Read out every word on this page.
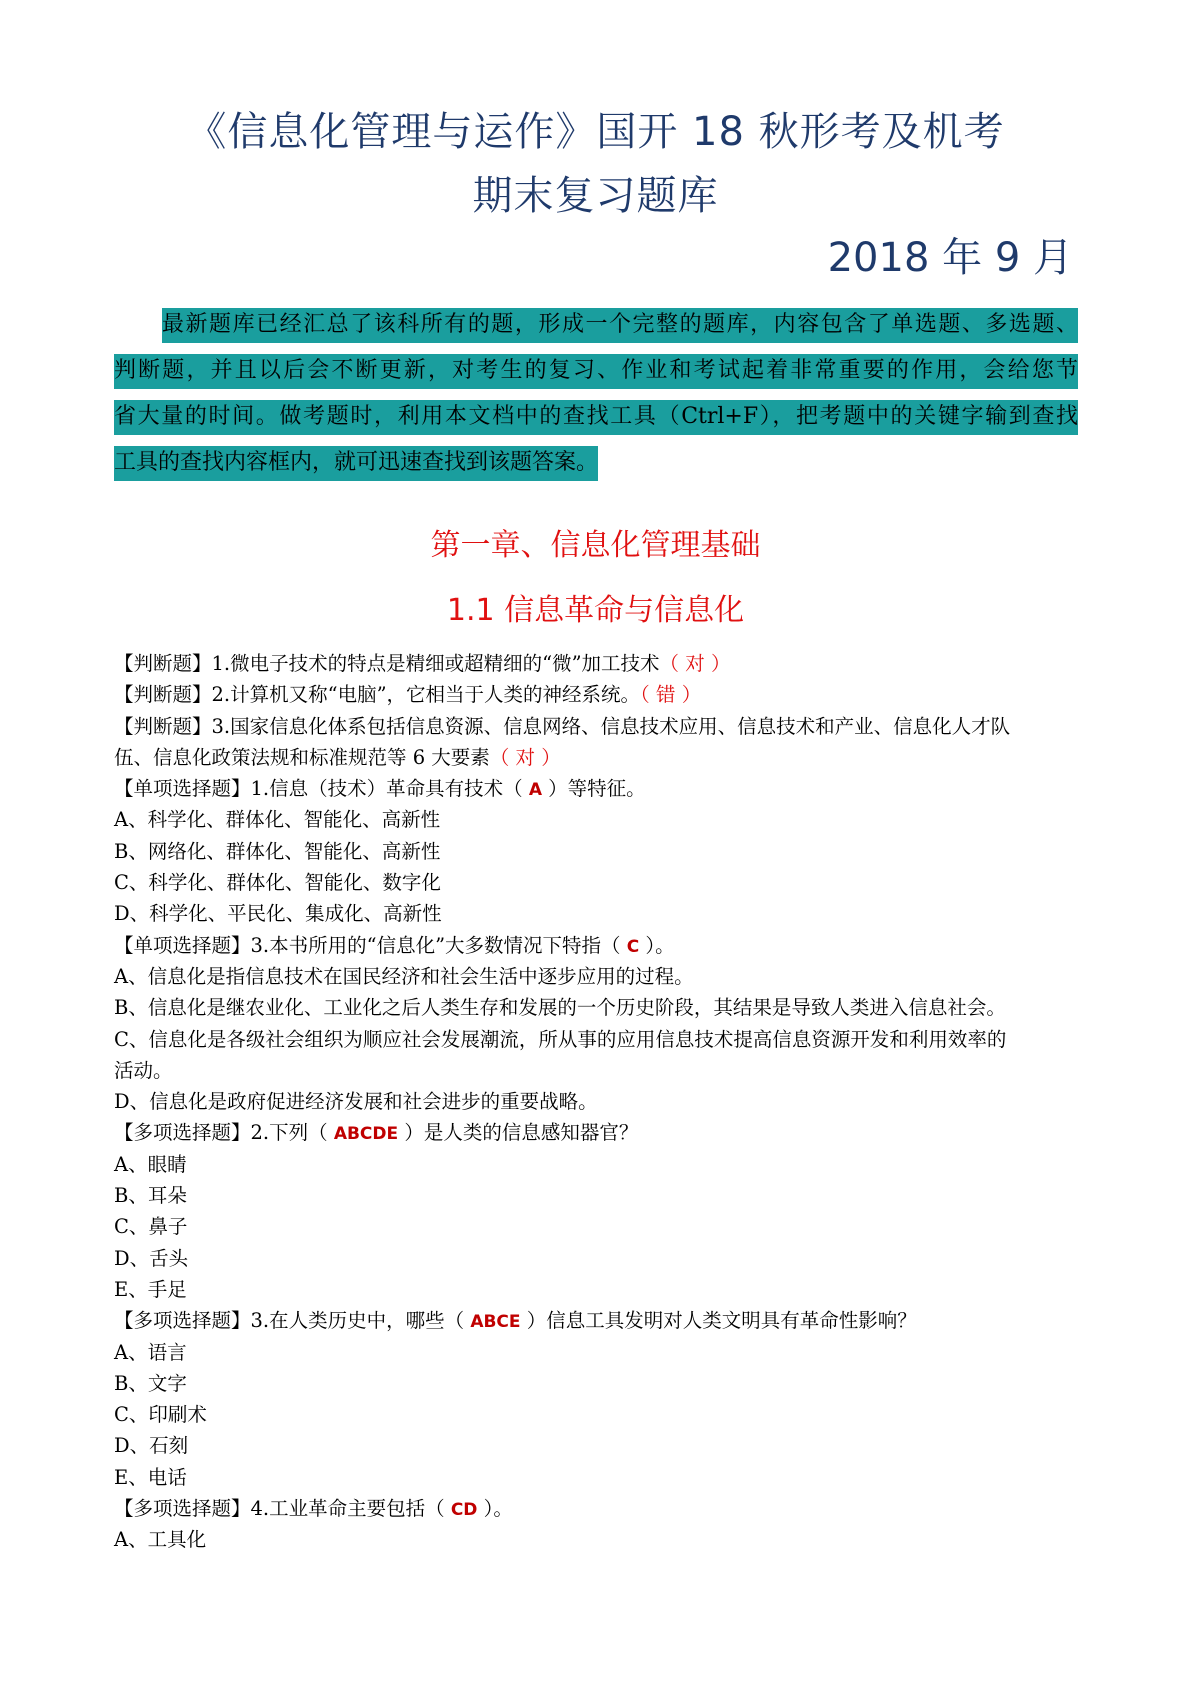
《信息化管理与运作》国开 18 秋形考及机考
期末复习题库
2018 年 9 月
最新题库已经汇总了该科所有的题，形成一个完整的题库，内容包含了单选题、多选题、
判断题，并且以后会不断更新，对考生的复习、作业和考试起着非常重要的作用，会给您节
省大量的时间。做考题时，利用本文档中的查找工具（Ctrl+F），把考题中的关键字输到查找
工具的查找内容框内，就可迅速查找到该题答案。
第一章、信息化管理基础
1.1 信息革命与信息化
【判断题】1.微电子技术的特点是精细或超精细的“微”加工技术（ 对 ）
【判断题】2.计算机又称“电脑”，它相当于人类的神经系统。（ 错 ）
【判断题】3.国家信息化体系包括信息资源、信息网络、信息技术应用、信息技术和产业、信息化人才队
伍、信息化政策法规和标准规范等 6 大要素（ 对 ）
【单项选择题】1.信息（技术）革命具有技术（ A ）等特征。
A、科学化、群体化、智能化、高新性
B、网络化、群体化、智能化、高新性
C、科学化、群体化、智能化、数字化
D、科学化、平民化、集成化、高新性
【单项选择题】3.本书所用的“信息化”大多数情况下特指（ C ）。
A、信息化是指信息技术在国民经济和社会生活中逐步应用的过程。
B、信息化是继农业化、工业化之后人类生存和发展的一个历史阶段，其结果是导致人类进入信息社会。
C、信息化是各级社会组织为顺应社会发展潮流，所从事的应用信息技术提高信息资源开发和利用效率的
活动。
D、信息化是政府促进经济发展和社会进步的重要战略。
【多项选择题】2.下列（ ABCDE ）是人类的信息感知器官？
A、眼睛
B、耳朵
C、鼻子
D、舌头
E、手足
【多项选择题】3.在人类历史中，哪些（ ABCE ）信息工具发明对人类文明具有革命性影响？
A、语言
B、文字
C、印刷术
D、石刻
E、电话
【多项选择题】4.工业革命主要包括（ CD ）。
A、工具化
